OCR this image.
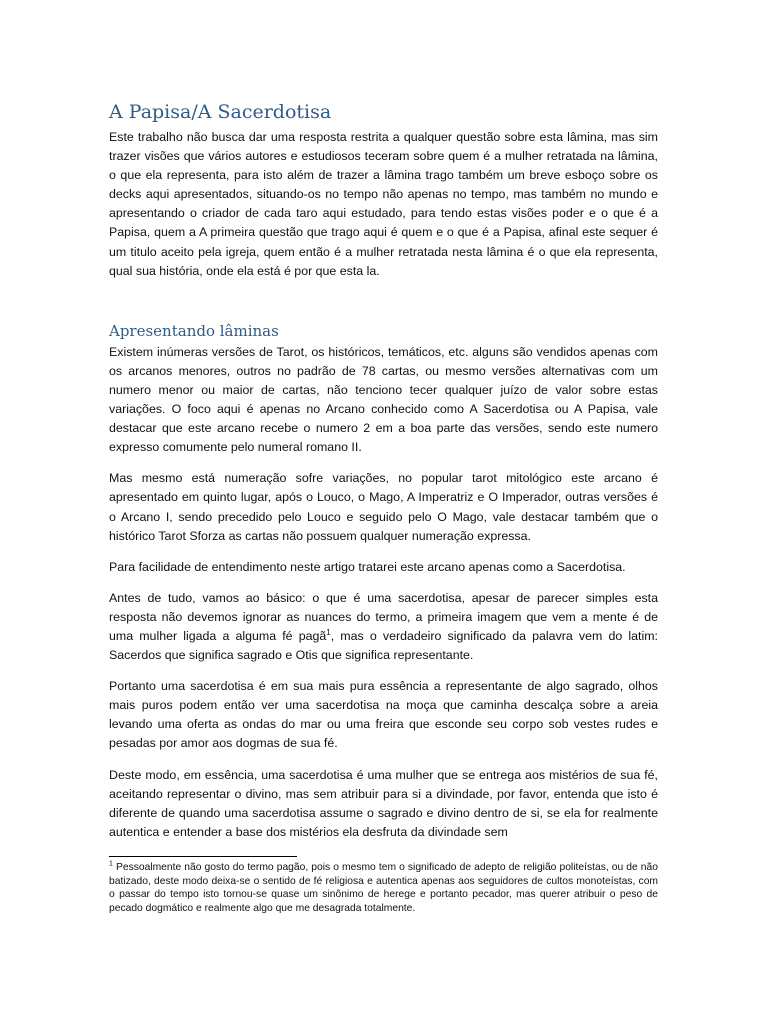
A Papisa/A Sacerdotisa

Este trabalho não busca dar uma resposta restrita a qualquer questão sobre esta lâmina, mas sim trazer visões que vários autores e estudiosos teceram sobre quem é a mulher retratada na lâmina, o que ela representa, para isto além de trazer a lâmina trago também um breve esboço sobre os decks aqui apresentados, situando-os no tempo não apenas no tempo, mas também no mundo e apresentando o criador de cada taro aqui estudado, para tendo estas visões poder e o que é a Papisa, quem a A primeira questão que trago aqui é quem e o que é a Papisa, afinal este sequer é um titulo aceito pela igreja, quem então é a mulher retratada nesta lâmina é o que ela representa, qual sua história, onde ela está é por que esta la.

Apresentando lâminas

Existem inúmeras versões de Tarot, os históricos, temáticos, etc. alguns são vendidos apenas com os arcanos menores, outros no padrão de 78 cartas, ou mesmo versões alternativas com um numero menor ou maior de cartas, não tenciono tecer qualquer juízo de valor sobre estas variações. O foco aqui é apenas no Arcano conhecido como A Sacerdotisa ou A Papisa, vale destacar que este arcano recebe o numero 2 em a boa parte das versões, sendo este numero expresso comumente pelo numeral romano II.

Mas mesmo está numeração sofre variações, no popular tarot mitológico este arcano é apresentado em quinto lugar, após o Louco, o Mago, A Imperatriz e O Imperador, outras versões é o Arcano I, sendo precedido pelo Louco e seguido pelo O Mago, vale destacar também que o histórico Tarot Sforza as cartas não possuem qualquer numeração expressa.

Para facilidade de entendimento neste artigo tratarei este arcano apenas como a Sacerdotisa.

Antes de tudo, vamos ao básico: o que é uma sacerdotisa, apesar de parecer simples esta resposta não devemos ignorar as nuances do termo, a primeira imagem que vem a mente é de uma mulher ligada a alguma fé pagã$^1$, mas o verdadeiro significado da palavra vem do latim: Sacerdos que significa sagrado e Otis que significa representante.

Portanto uma sacerdotisa é em sua mais pura essência a representante de algo sagrado, olhos mais puros podem então ver uma sacerdotisa na moça que caminha descalça sobre a areia levando uma oferta as ondas do mar ou uma freira que esconde seu corpo sob vestes rudes e pesadas por amor aos dogmas de sua fé.

Deste modo, em essência, uma sacerdotisa é uma mulher que se entrega aos mistérios de sua fé, aceitando representar o divino, mas sem atribuir para si a divindade, por favor, entenda que isto é diferente de quando uma sacerdotisa assume o sagrado e divino dentro de si, se ela for realmente autentica e entender a base dos mistérios ela desfruta da divindade sem

$^1$ Pessoalmente não gosto do termo pagão, pois o mesmo tem o significado de adepto de religião politeístas, ou de não batizado, deste modo deixa-se o sentido de fé religiosa e autentica apenas aos seguidores de cultos monoteístas, com o passar do tempo isto tornou-se quase um sinônimo de herege e portanto pecador, mas querer atribuir o peso de pecado dogmático e realmente algo que me desagrada totalmente.
